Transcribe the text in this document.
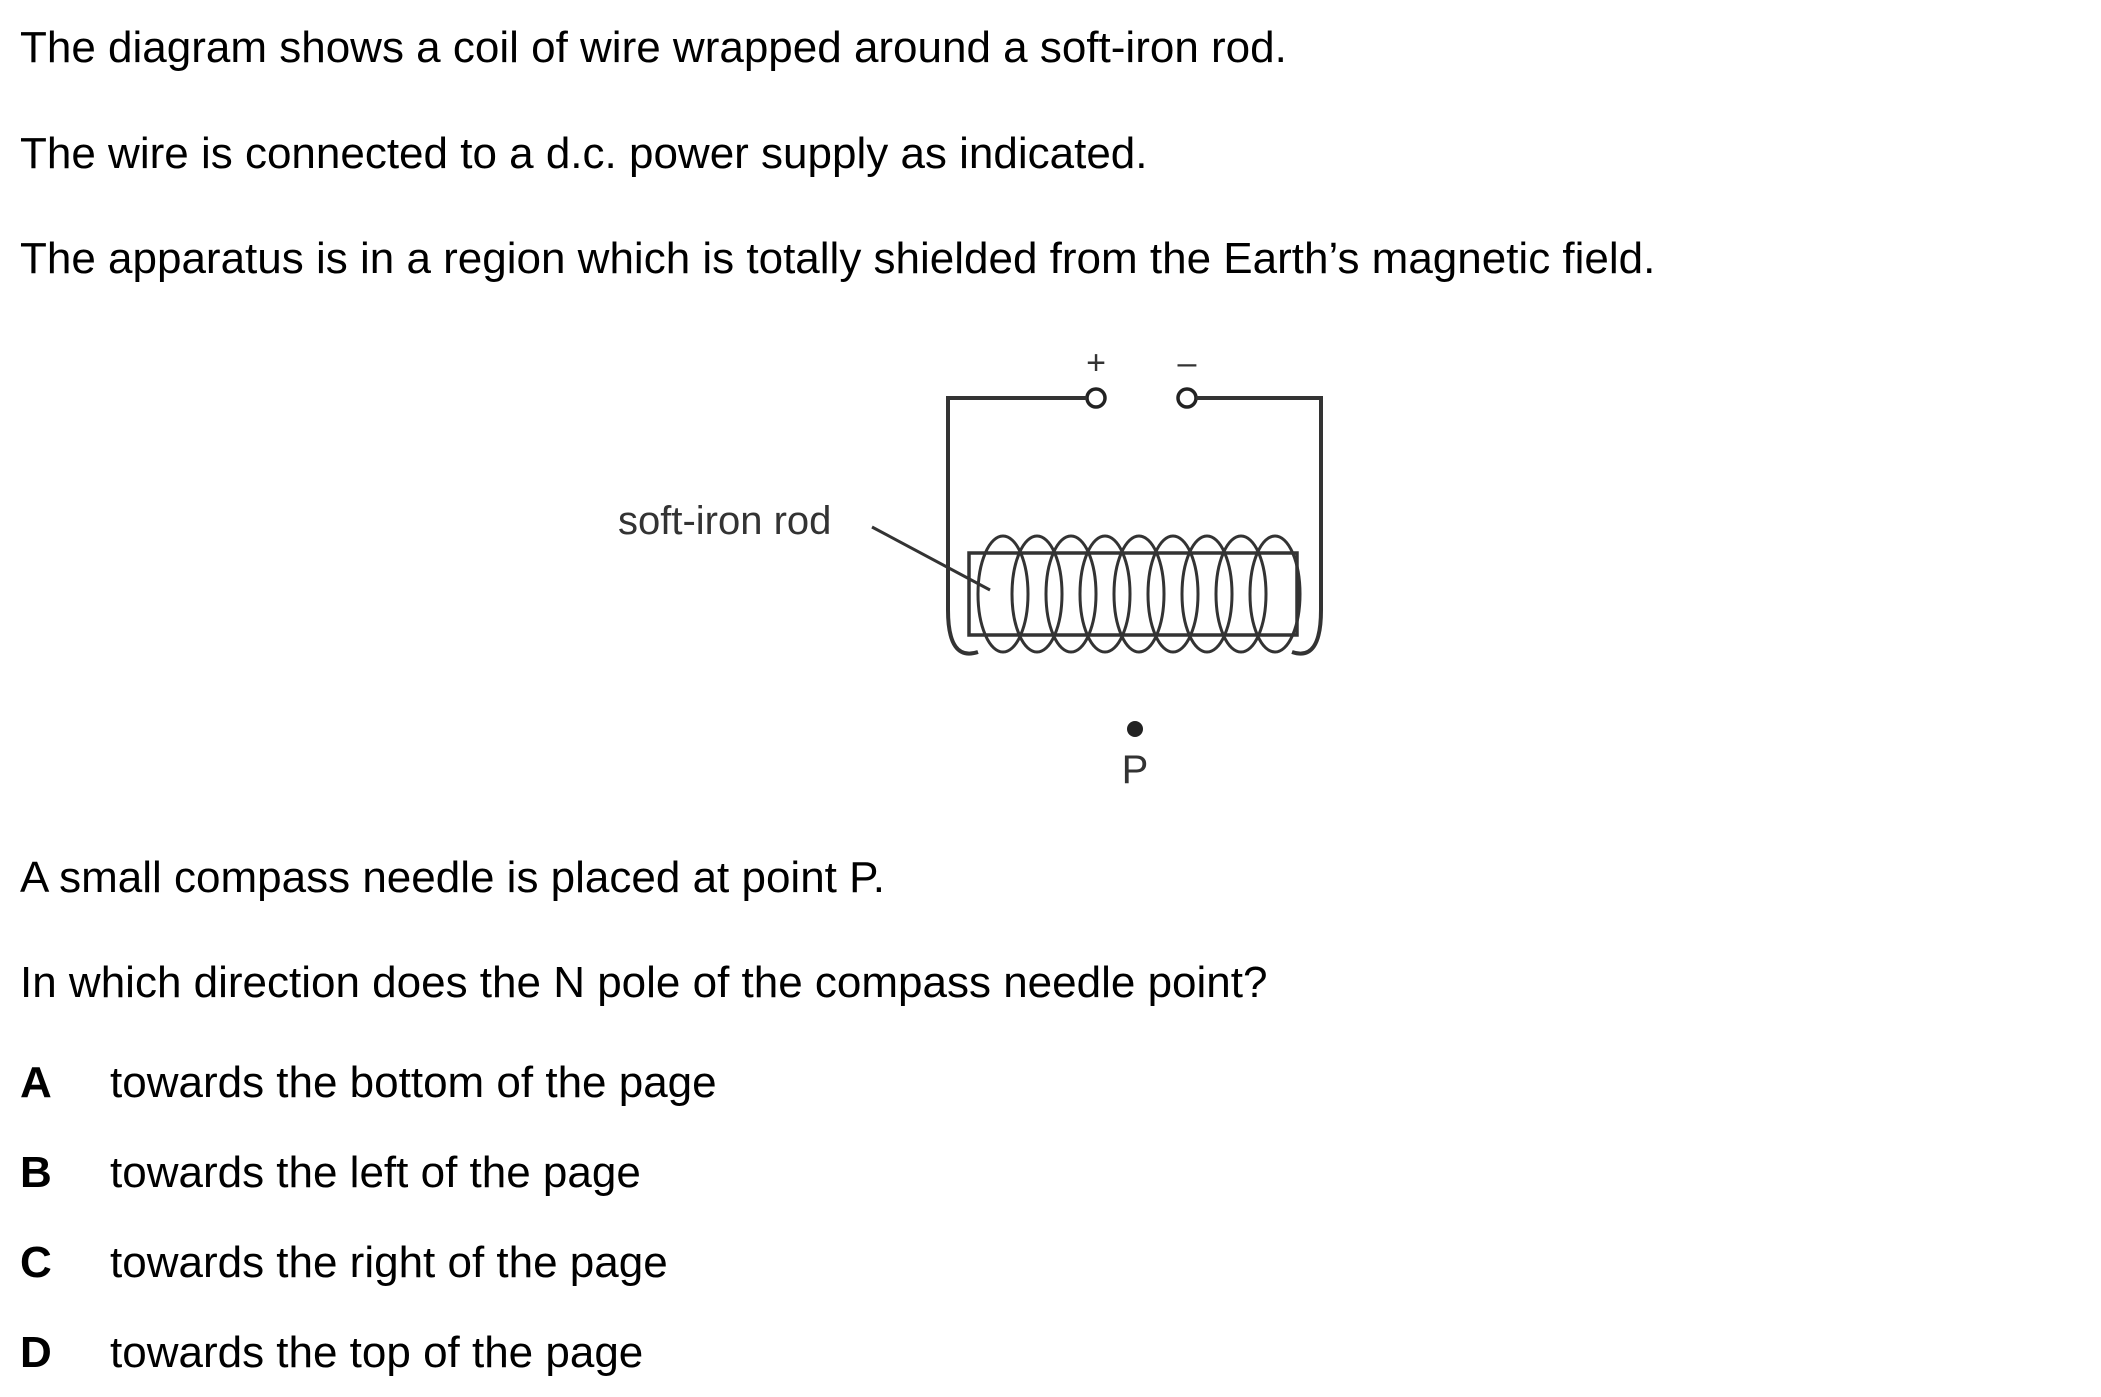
The diagram shows a coil of wire wrapped around a soft-iron rod.

The wire is connected to a d.c. power supply as indicated.

The apparatus is in a region which is totally shielded from the Earth’s magnetic field.

+ –
soft-iron rod
P

A small compass needle is placed at point P.

In which direction does the N pole of the compass needle point?

A towards the bottom of the page
B towards the left of the page
C towards the right of the page
D towards the top of the page
